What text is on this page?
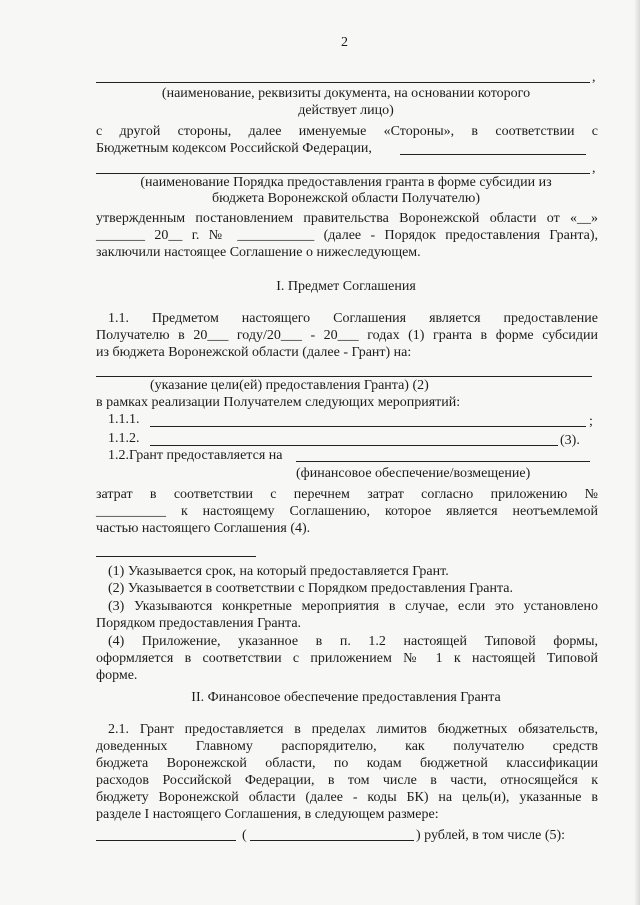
2
,
(наименование, реквизиты документа, на основании которого
действует лицо)
с другой стороны, далее именуемые «Стороны», в соответствии с
Бюджетным кодексом Российской Федерации,
,
(наименование Порядка предоставления гранта в форме субсидии из
бюджета Воронежской области Получателю)
утвержденным постановлением правительства Воронежской области от «__»
_______ 20__ г. № ___________ (далее - Порядок предоставления Гранта),
заключили настоящее Соглашение о нижеследующем.
I. Предмет Соглашения
1.1. Предметом настоящего Соглашения является предоставление
Получателю в 20___ году/20___ - 20___ годах (1) гранта в форме субсидии
из бюджета Воронежской области (далее - Грант) на:
(указание цели(ей) предоставления Гранта) (2)
в рамках реализации Получателем следующих мероприятий:
1.1.1.	;
1.1.2.	(3).
1.2.Грант предоставляется на
(финансовое обеспечение/возмещение)
затрат в соответствии с перечнем затрат согласно приложению №
__________ к настоящему Соглашению, которое является неотъемлемой
частью настоящего Соглашения (4).
(1) Указывается срок, на который предоставляется Грант.
(2) Указывается в соответствии с Порядком предоставления Гранта.
(3) Указываются конкретные мероприятия в случае, если это установлено
Порядком предоставления Гранта.
(4) Приложение, указанное в п. 1.2 настоящей Типовой формы,
оформляется в соответствии с приложением № 1 к настоящей Типовой
форме.
II. Финансовое обеспечение предоставления Гранта
2.1. Грант предоставляется в пределах лимитов бюджетных обязательств,
доведенных Главному распорядителю, как получателю средств
бюджета Воронежской области, по кодам бюджетной классификации
расходов Российской Федерации, в том числе в части, относящейся к
бюджету Воронежской области (далее - коды БК) на цель(и), указанные в
разделе I настоящего Соглашения, в следующем размере:
(	) рублей, в том числе (5):
